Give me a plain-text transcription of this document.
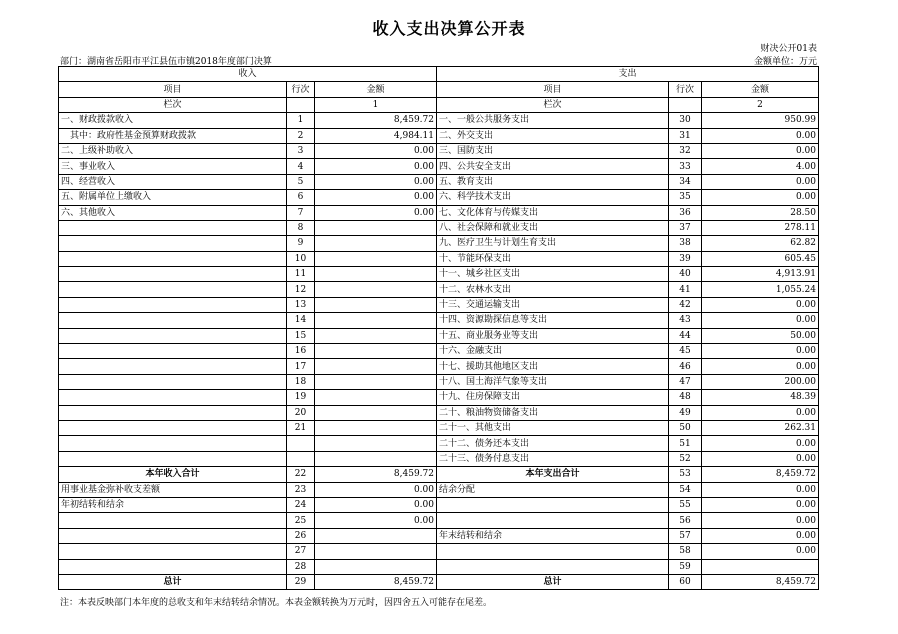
收入支出决算公开表
财决公开01表
部门：湖南省岳阳市平江县伍市镇2018年度部门决算	金额单位：万元
收入			支出		
项目	行次	金额	项目	行次	金额
栏次		1	栏次		2
一、财政拨款收入	1	8,459.72	一、一般公共服务支出	30	950.99
　其中：政府性基金预算财政拨款	2	4,984.11	二、外交支出	31	0.00
二、上级补助收入	3	0.00	三、国防支出	32	0.00
三、事业收入	4	0.00	四、公共安全支出	33	4.00
四、经营收入	5	0.00	五、教育支出	34	0.00
五、附属单位上缴收入	6	0.00	六、科学技术支出	35	0.00
六、其他收入	7	0.00	七、文化体育与传媒支出	36	28.50
	8		八、社会保障和就业支出	37	278.11
	9		九、医疗卫生与计划生育支出	38	62.82
	10		十、节能环保支出	39	605.45
	11		十一、城乡社区支出	40	4,913.91
	12		十二、农林水支出	41	1,055.24
	13		十三、交通运输支出	42	0.00
	14		十四、资源勘探信息等支出	43	0.00
	15		十五、商业服务业等支出	44	50.00
	16		十六、金融支出	45	0.00
	17		十七、援助其他地区支出	46	0.00
	18		十八、国土海洋气象等支出	47	200.00
	19		十九、住房保障支出	48	48.39
	20		二十、粮油物资储备支出	49	0.00
	21		二十一、其他支出	50	262.31
			二十二、债务还本支出	51	0.00
			二十三、债务付息支出	52	0.00
本年收入合计	22	8,459.72	本年支出合计	53	8,459.72
用事业基金弥补收支差额	23	0.00	结余分配	54	0.00
年初结转和结余	24	0.00		55	0.00
	25	0.00		56	0.00
	26		年末结转和结余	57	0.00
	27			58	0.00
	28			59	
总计	29	8,459.72	总计	60	8,459.72
注：本表反映部门本年度的总收支和年末结转结余情况。本表金额转换为万元时，因四舍五入可能存在尾差。
